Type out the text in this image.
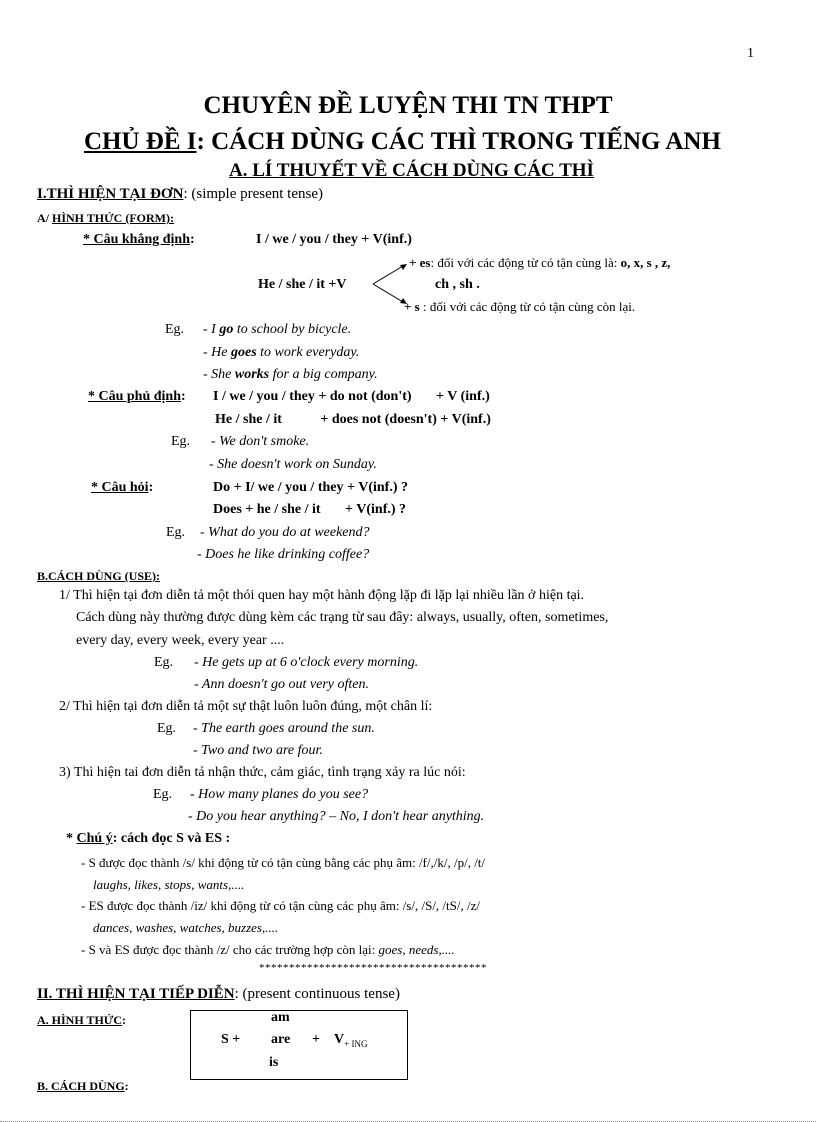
1
CHUYÊN ĐỀ LUYỆN THI TN THPT
CHỦ ĐỀ I: CÁCH DÙNG CÁC THÌ TRONG TIẾNG ANH
A. LÍ THUYẾT VỀ CÁCH DÙNG CÁC THÌ
I.THÌ HIỆN TẠI ĐƠN: (simple present tense)
A/ HÌNH THỨC (FORM):
* Câu khẳng định:	I / we / you / they + V(inf.)
+ es: đối với các động từ có tận cùng là: o, x, s , z,
He / she / it +V	ch , sh .
+ s : đối với các động từ có tận cùng còn lại.
Eg. - I go to school by bicycle.
- He goes to work everyday.
- She works for a big company.
* Câu phủ định: I / we / you / they + do not (don't)       + V (inf.)
He / she / it           + does not (doesn't) + V(inf.)
Eg. - We don't smoke.
- She doesn't work on Sunday.
* Câu hỏi:	Do + I/ we / you / they + V(inf.) ?
Does + he / she / it       + V(inf.) ?
Eg. - What do you do at weekend?
- Does he like drinking coffee?
B.CÁCH DÙNG (USE):
1/ Thì hiện tại đơn diễn tả một thói quen hay một hành động lặp đi lặp lại nhiều lần ở hiện tại.
Cách dùng này thường được dùng kèm các trạng từ sau đây: always, usually, often, sometimes,
every day, every week, every year ....
Eg. - He gets up at 6 o'clock every morning.
- Ann doesn't go out very often.
2/ Thì hiện tại đơn diễn tả một sự thật luôn luôn đúng, một chân lí:
Eg. - The earth goes around the sun.
- Two and two are four.
3) Thì hiện tai đơn diễn tả nhận thức, cảm giác, tình trạng xảy ra lúc nói:
Eg. - How many planes do you see?
- Do you hear anything? – No, I don't hear anything.
* Chú ý: cách đọc S và ES :
- S được đọc thành /s/ khi động từ có tận cùng bằng các phụ âm: /f/,/k/, /p/, /t/
laughs, likes, stops, wants,....
- ES được đọc thành /iz/ khi động từ có tận cùng các phụ âm: /s/, /S/, /tS/, /z/
dances, washes, watches, buzzes,....
- S và ES được đọc thành /z/ cho các trường hợp còn lại: goes, needs,....
**************************************
II. THÌ HIỆN TẠI TIẾP DIỄN: (present continuous tense)
A. HÌNH THỨC:	am
S + are + $V_{+ ING}$
is
B. CÁCH DÙNG:
